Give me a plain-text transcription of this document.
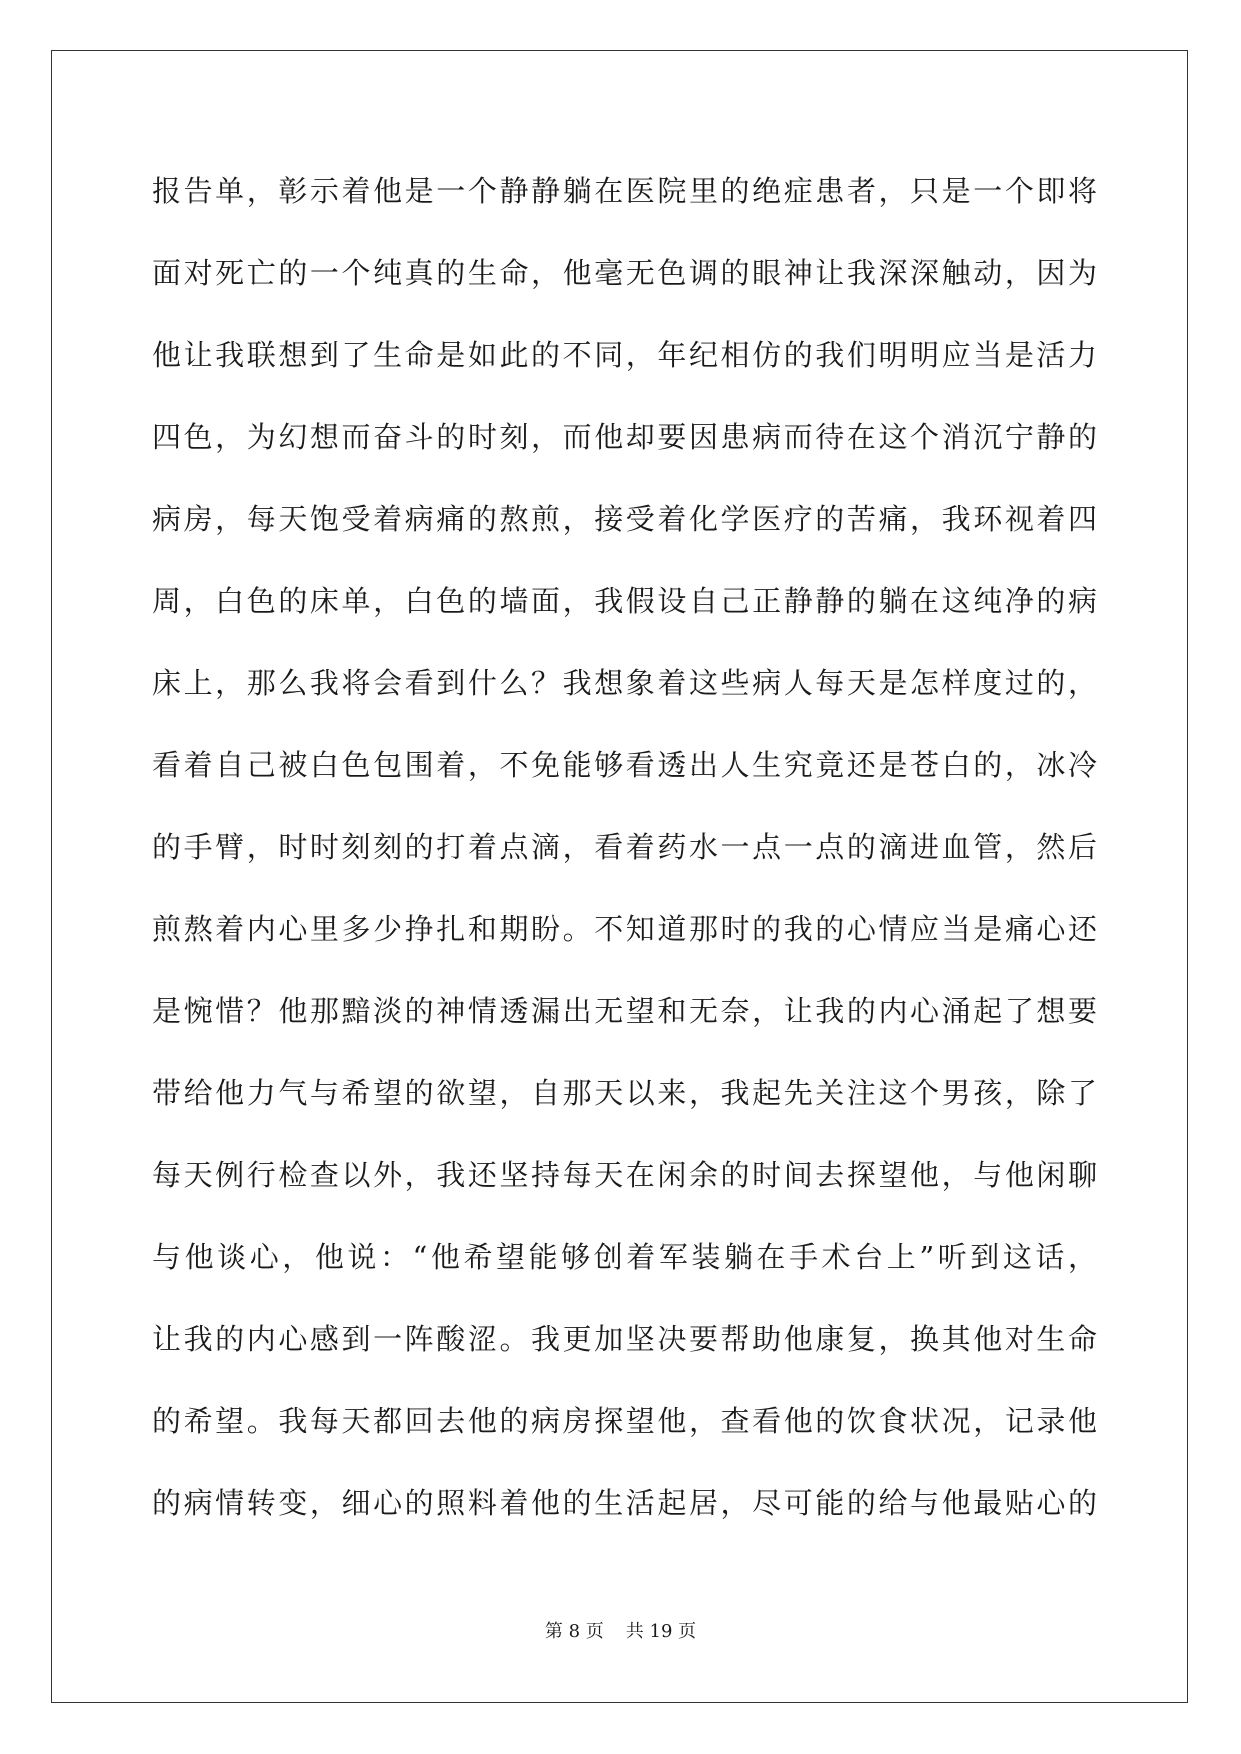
报告单，彰示着他是一个静静躺在医院里的绝症患者，只是一个即将
面对死亡的一个纯真的生命，他毫无色调的眼神让我深深触动，因为
他让我联想到了生命是如此的不同，年纪相仿的我们明明应当是活力
四色，为幻想而奋斗的时刻，而他却要因患病而待在这个消沉宁静的
病房，每天饱受着病痛的熬煎，接受着化学医疗的苦痛，我环视着四
周，白色的床单，白色的墙面，我假设自己正静静的躺在这纯净的病
床上，那么我将会看到什么？我想象着这些病人每天是怎样度过的，
看着自己被白色包围着，不免能够看透出人生究竟还是苍白的，冰冷
的手臂，时时刻刻的打着点滴，看着药水一点一点的滴进血管，然后
煎熬着内心里多少挣扎和期盼。不知道那时的我的心情应当是痛心还
是惋惜？他那黯淡的神情透漏出无望和无奈，让我的内心涌起了想要
带给他力气与希望的欲望，自那天以来，我起先关注这个男孩，除了
每天例行检查以外，我还坚持每天在闲余的时间去探望他，与他闲聊
与他谈心，他说：“他希望能够创着军装躺在手术台上”听到这话，
让我的内心感到一阵酸涩。我更加坚决要帮助他康复，换其他对生命
的希望。我每天都回去他的病房探望他，查看他的饮食状况，记录他
的病情转变，细心的照料着他的生活起居，尽可能的给与他最贴心的
第 8 页 共 19 页
